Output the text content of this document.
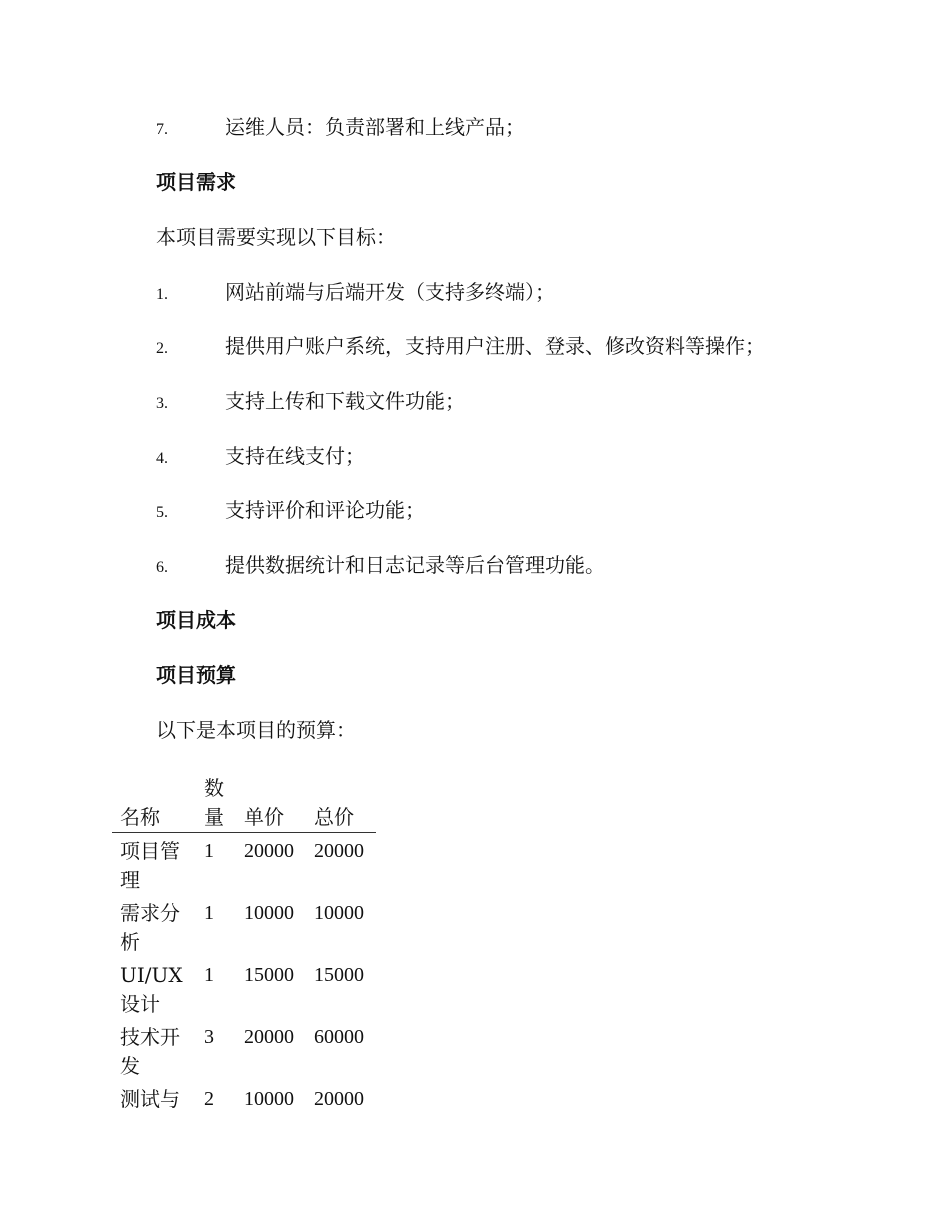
7.	运维人员：负责部署和上线产品；
项目需求
本项目需要实现以下目标：
1.	网站前端与后端开发（支持多终端）；
2.	提供用户账户系统，支持用户注册、登录、修改资料等操作；
3.	支持上传和下载文件功能；
4.	支持在线支付；
5.	支持评价和评论功能；
6.	提供数据统计和日志记录等后台管理功能。
项目成本
项目预算
以下是本项目的预算：
名称	数量	单价	总价
项目管理	1	20000	20000
需求分析	1	10000	10000
UI/UX设计	1	15000	15000
技术开发	3	20000	60000
测试与	2	10000	20000
